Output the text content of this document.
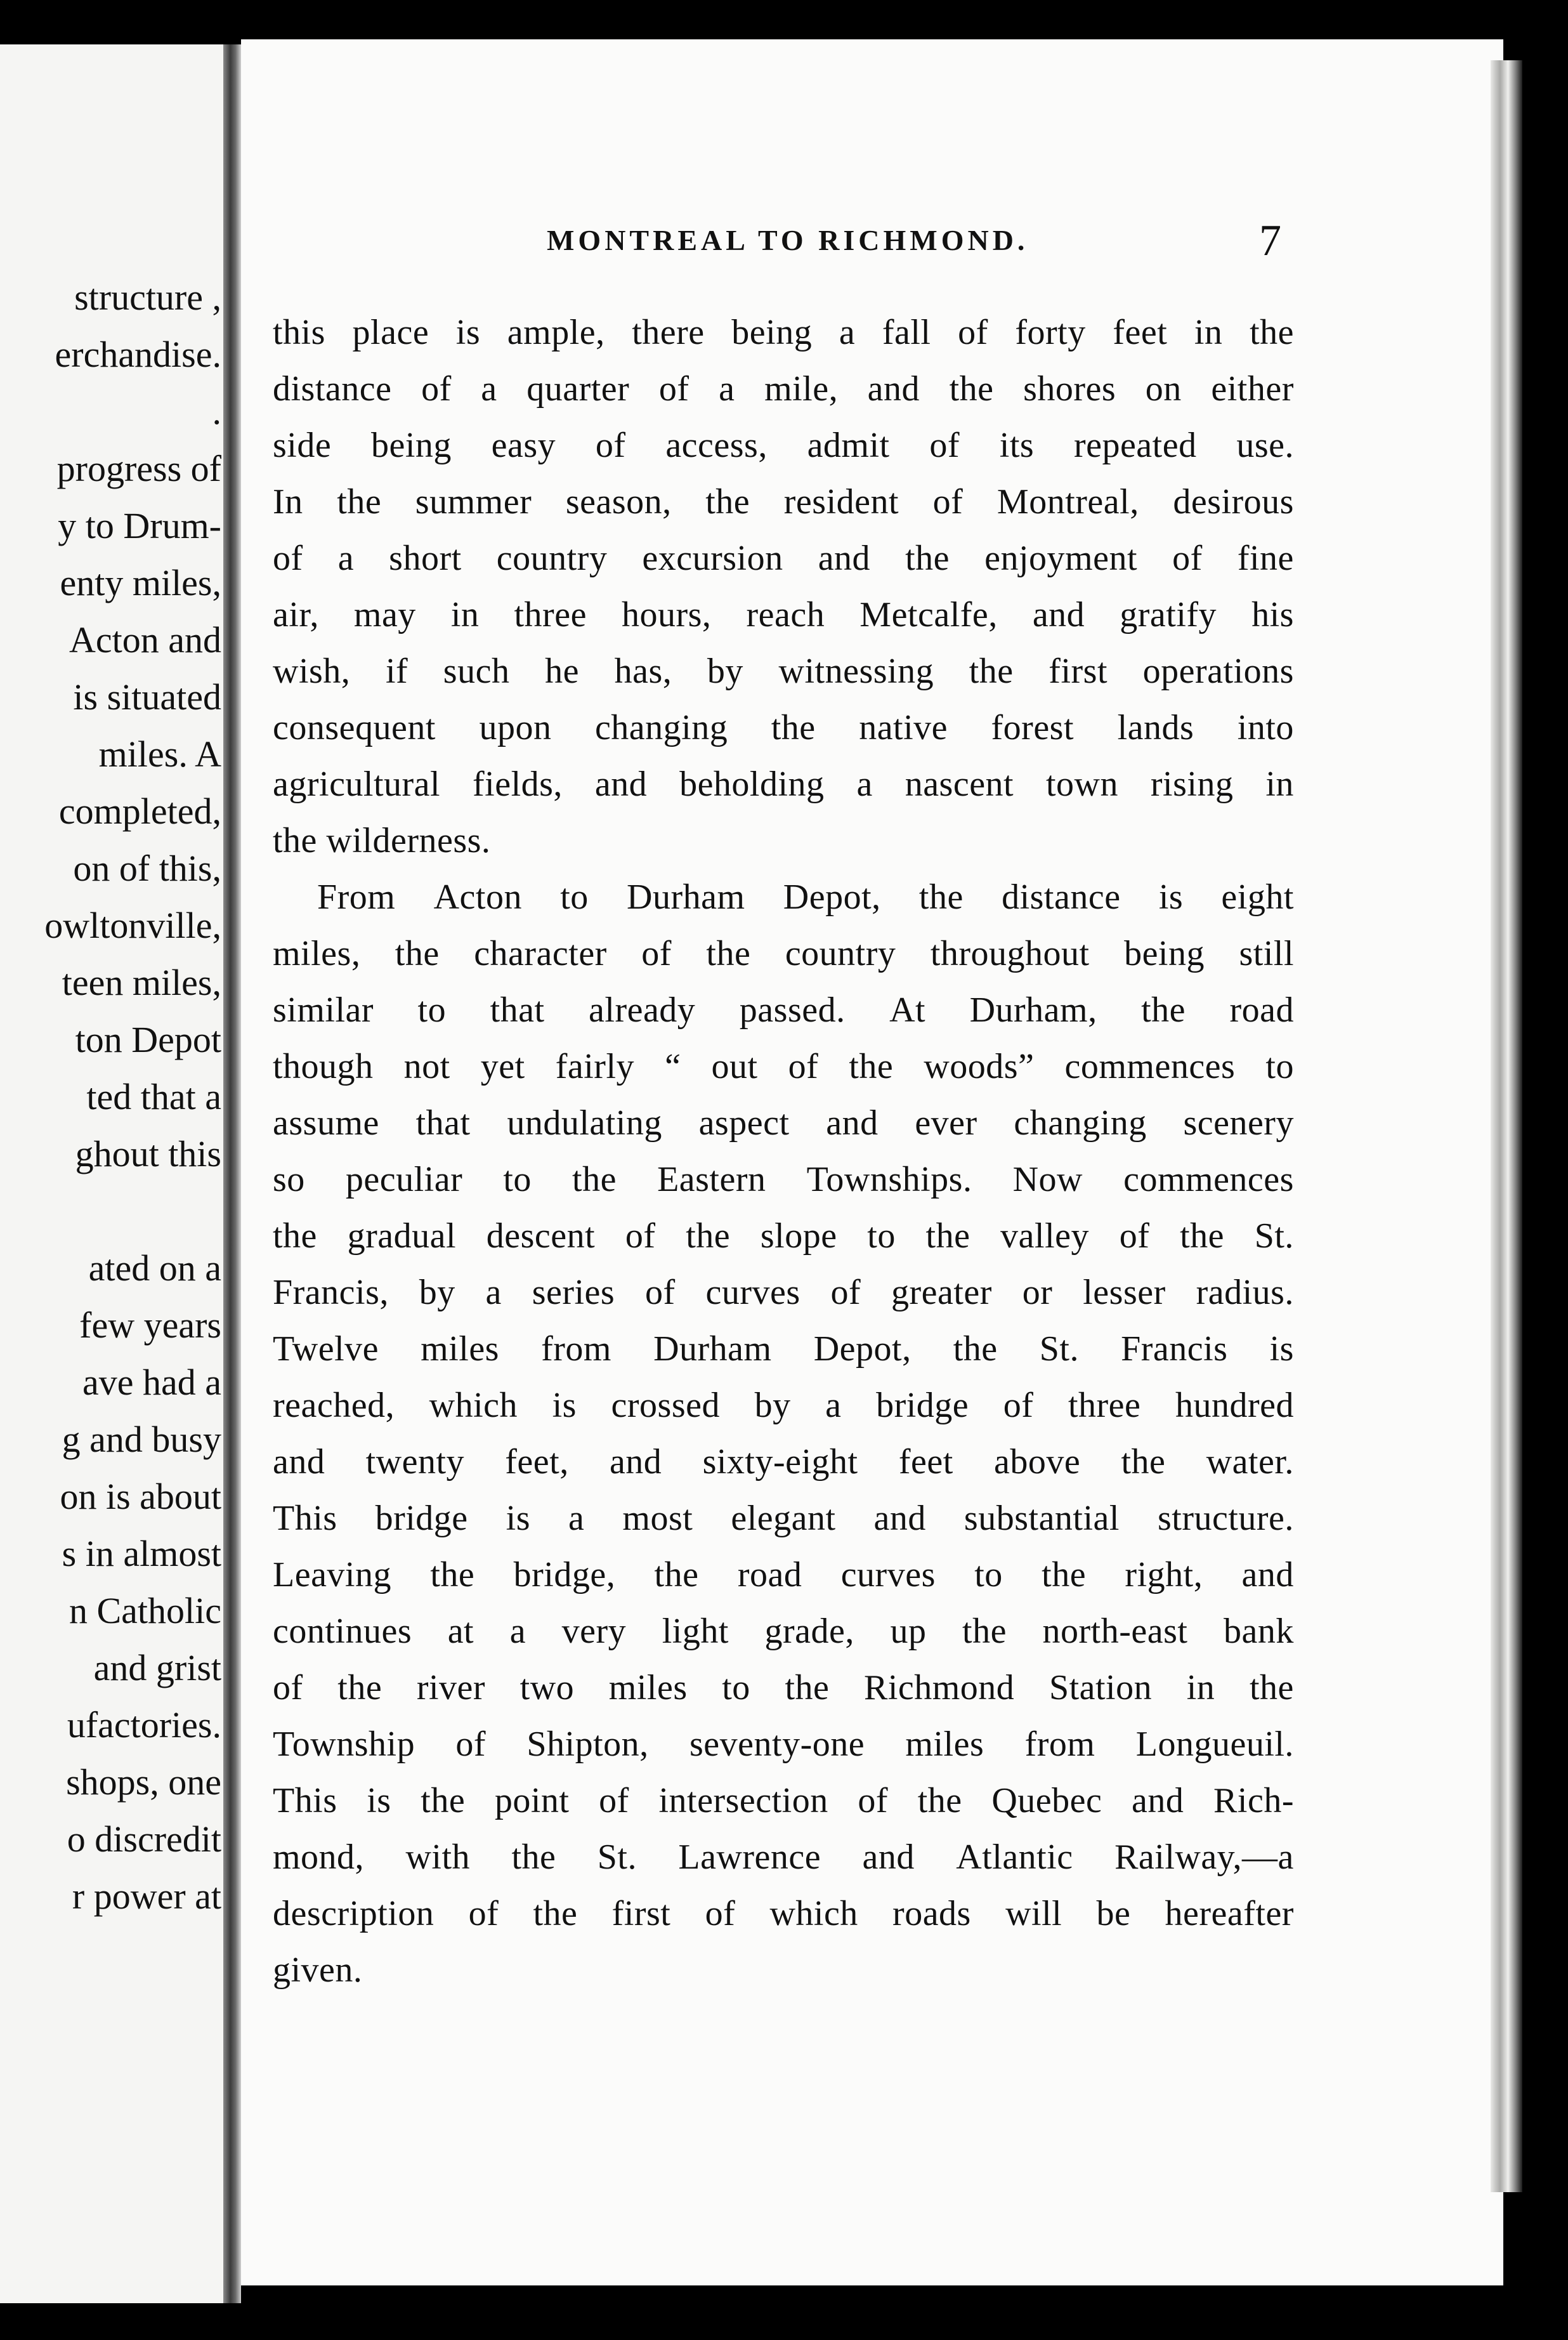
structure ,
erchandise.
.
progress of
y to Drum-
enty miles,
Acton and
is situated
miles. A
completed,
on of this,
owltonville,
teen miles,
ton Depot
ted that a
ghout this
ated on a
few years
ave had a
g and busy
on is about
s in almost
n Catholic
and grist
ufactories.
shops, one
o discredit
r power at
MONTREAL TO RICHMOND.	7
this place is ample, there being a fall of forty feet in the
distance of a quarter of a mile, and the shores on either
side being easy of access, admit of its repeated use.
In the summer season, the resident of Montreal, desirous
of a short country excursion and the enjoyment of fine
air, may in three hours, reach Metcalfe, and gratify his
wish, if such he has, by witnessing the first operations
consequent upon changing the native forest lands into
agricultural fields, and beholding a nascent town rising in
the wilderness.
From Acton to Durham Depot, the distance is eight
miles, the character of the country throughout being still
similar to that already passed. At Durham, the road
though not yet fairly “ out of the woods” commences to
assume that undulating aspect and ever changing scenery
so peculiar to the Eastern Townships. Now commences
the gradual descent of the slope to the valley of the St.
Francis, by a series of curves of greater or lesser radius.
Twelve miles from Durham Depot, the St. Francis is
reached, which is crossed by a bridge of three hundred
and twenty feet, and sixty-eight feet above the water.
This bridge is a most elegant and substantial structure.
Leaving the bridge, the road curves to the right, and
continues at a very light grade, up the north-east bank
of the river two miles to the Richmond Station in the
Township of Shipton, seventy-one miles from Longueuil.
This is the point of intersection of the Quebec and Rich-
mond, with the St. Lawrence and Atlantic Railway,—a
description of the first of which roads will be hereafter
given.
